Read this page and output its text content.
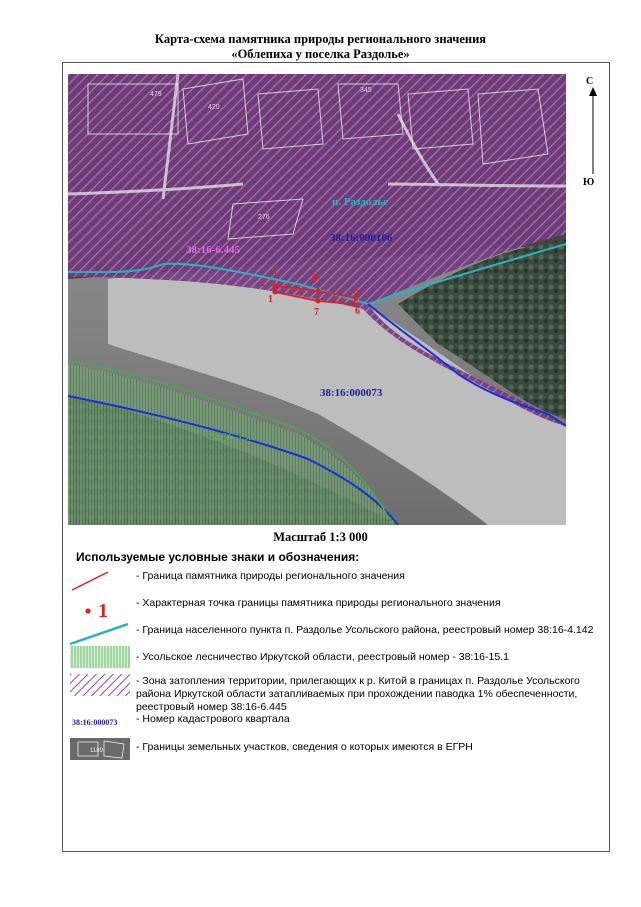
Карта-схема памятника природы регионального значения
«Облепиха у поселка Раздолье»
1
2
3	4
5
6
7
п. Раздолье
38:16-6.445
38:16:000106
38:16:000073
38:16-15.1
276
420
345
479
С
Ю
Масштаб 1:3 000
Используемые условные знаки и обозначения:
1
38:16:000073
1189
- Граница памятника природы регионального значения
- Характерная точка границы памятника природы регионального значения
- Граница населенного пункта п. Раздолье Усольского района, реестровый номер 38:16-4.142
- Усольское лесничество Иркутской области, реестровый номер - 38:16-15.1
- Зона затопления территории, прилегающих к р. Китой в границах п. Раздолье Усольского района Иркутской области затапливаемых при прохождении паводка 1% обеспеченности, реестровый номер 38:16-6.445
- Номер кадастрового квартала
- Границы земельных участков, сведения о которых имеются в ЕГРН
